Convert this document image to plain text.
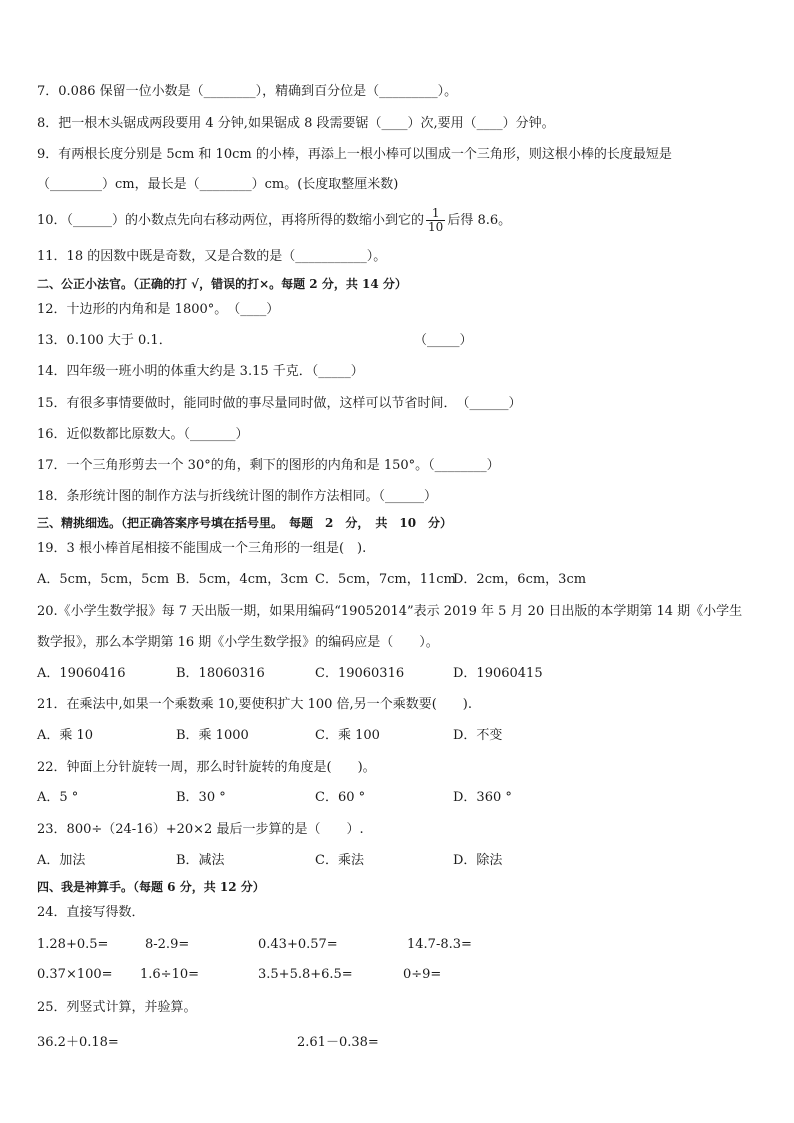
7．0.086 保留一位小数是（________），精确到百分位是（_________）。
8．把一根木头锯成两段要用 4 分钟,如果锯成 8 段需要锯（____）次,要用（____）分钟。
9．有两根长度分别是 5cm 和 10cm 的小棒，再添上一根小棒可以围成一个三角形，则这根小棒的长度最短是
（________）cm，最长是（________）cm。(长度取整厘米数)
10．（______）的小数点先向右移动两位，再将所得的数缩小到它的 $\frac{1}{10}$ 后得 8.6。
11．18 的因数中既是奇数，又是合数的是（___________）。
二、公正小法官。（正确的打 √，错误的打×。每题 2 分，共 14 分）
12．十边形的内角和是 1800°。　（____）
13．0.100 大于 0.1．	（_____）
14．四年级一班小明的体重大约是 3.15 千克．（_____）
15．有很多事情要做时，能同时做的事尽量同时做，这样可以节省时间．　（______）
16．近似数都比原数大。（_______）
17．一个三角形剪去一个 30°的角，剩下的图形的内角和是 150°。（________）
18．条形统计图的制作方法与折线统计图的制作方法相同。（______）
三、精挑细选。（把正确答案序号填在括号里。　每题　2　分，　共　10　分）
19．3 根小棒首尾相接不能围成一个三角形的一组是(　).
A．5cm，5cm，5cm B．5cm，4cm，3cm C．5cm，7cm，11cm
D．2cm，6cm，3cm
20.《小学生数学报》每 7 天出版一期，如果用编码“19052014”表示 2019 年 5 月 20 日出版的本学期第 14 期《小学生
数学报》，那么本学期第 16 期《小学生数学报》的编码应是（　　）。
A．19060416	B．18060316	C．19060316	D．19060415
21．在乘法中,如果一个乘数乘 10,要使积扩大 100 倍,另一个乘数要(　　).
A．乘 10	B．乘 1000	C．乘 100	D．不变
22．钟面上分针旋转一周，那么时针旋转的角度是(　　)。
A．5 °	B．30 °	C．60 °	D．360 °
23．800÷（24-16）+20×2 最后一步算的是（　　）.
A．加法	B．减法	C．乘法	D．除法
四、我是神算手。（每题 6 分，共 12 分）
24．直接写得数．
1.28+0.5=	8-2.9=	0.43+0.57=	14.7-8.3=
0.37×100= 1.6÷10=	3.5+5.8+6.5=	0÷9=
25．列竖式计算，并验算。
36.2＋0.18=	2.61－0.38=
